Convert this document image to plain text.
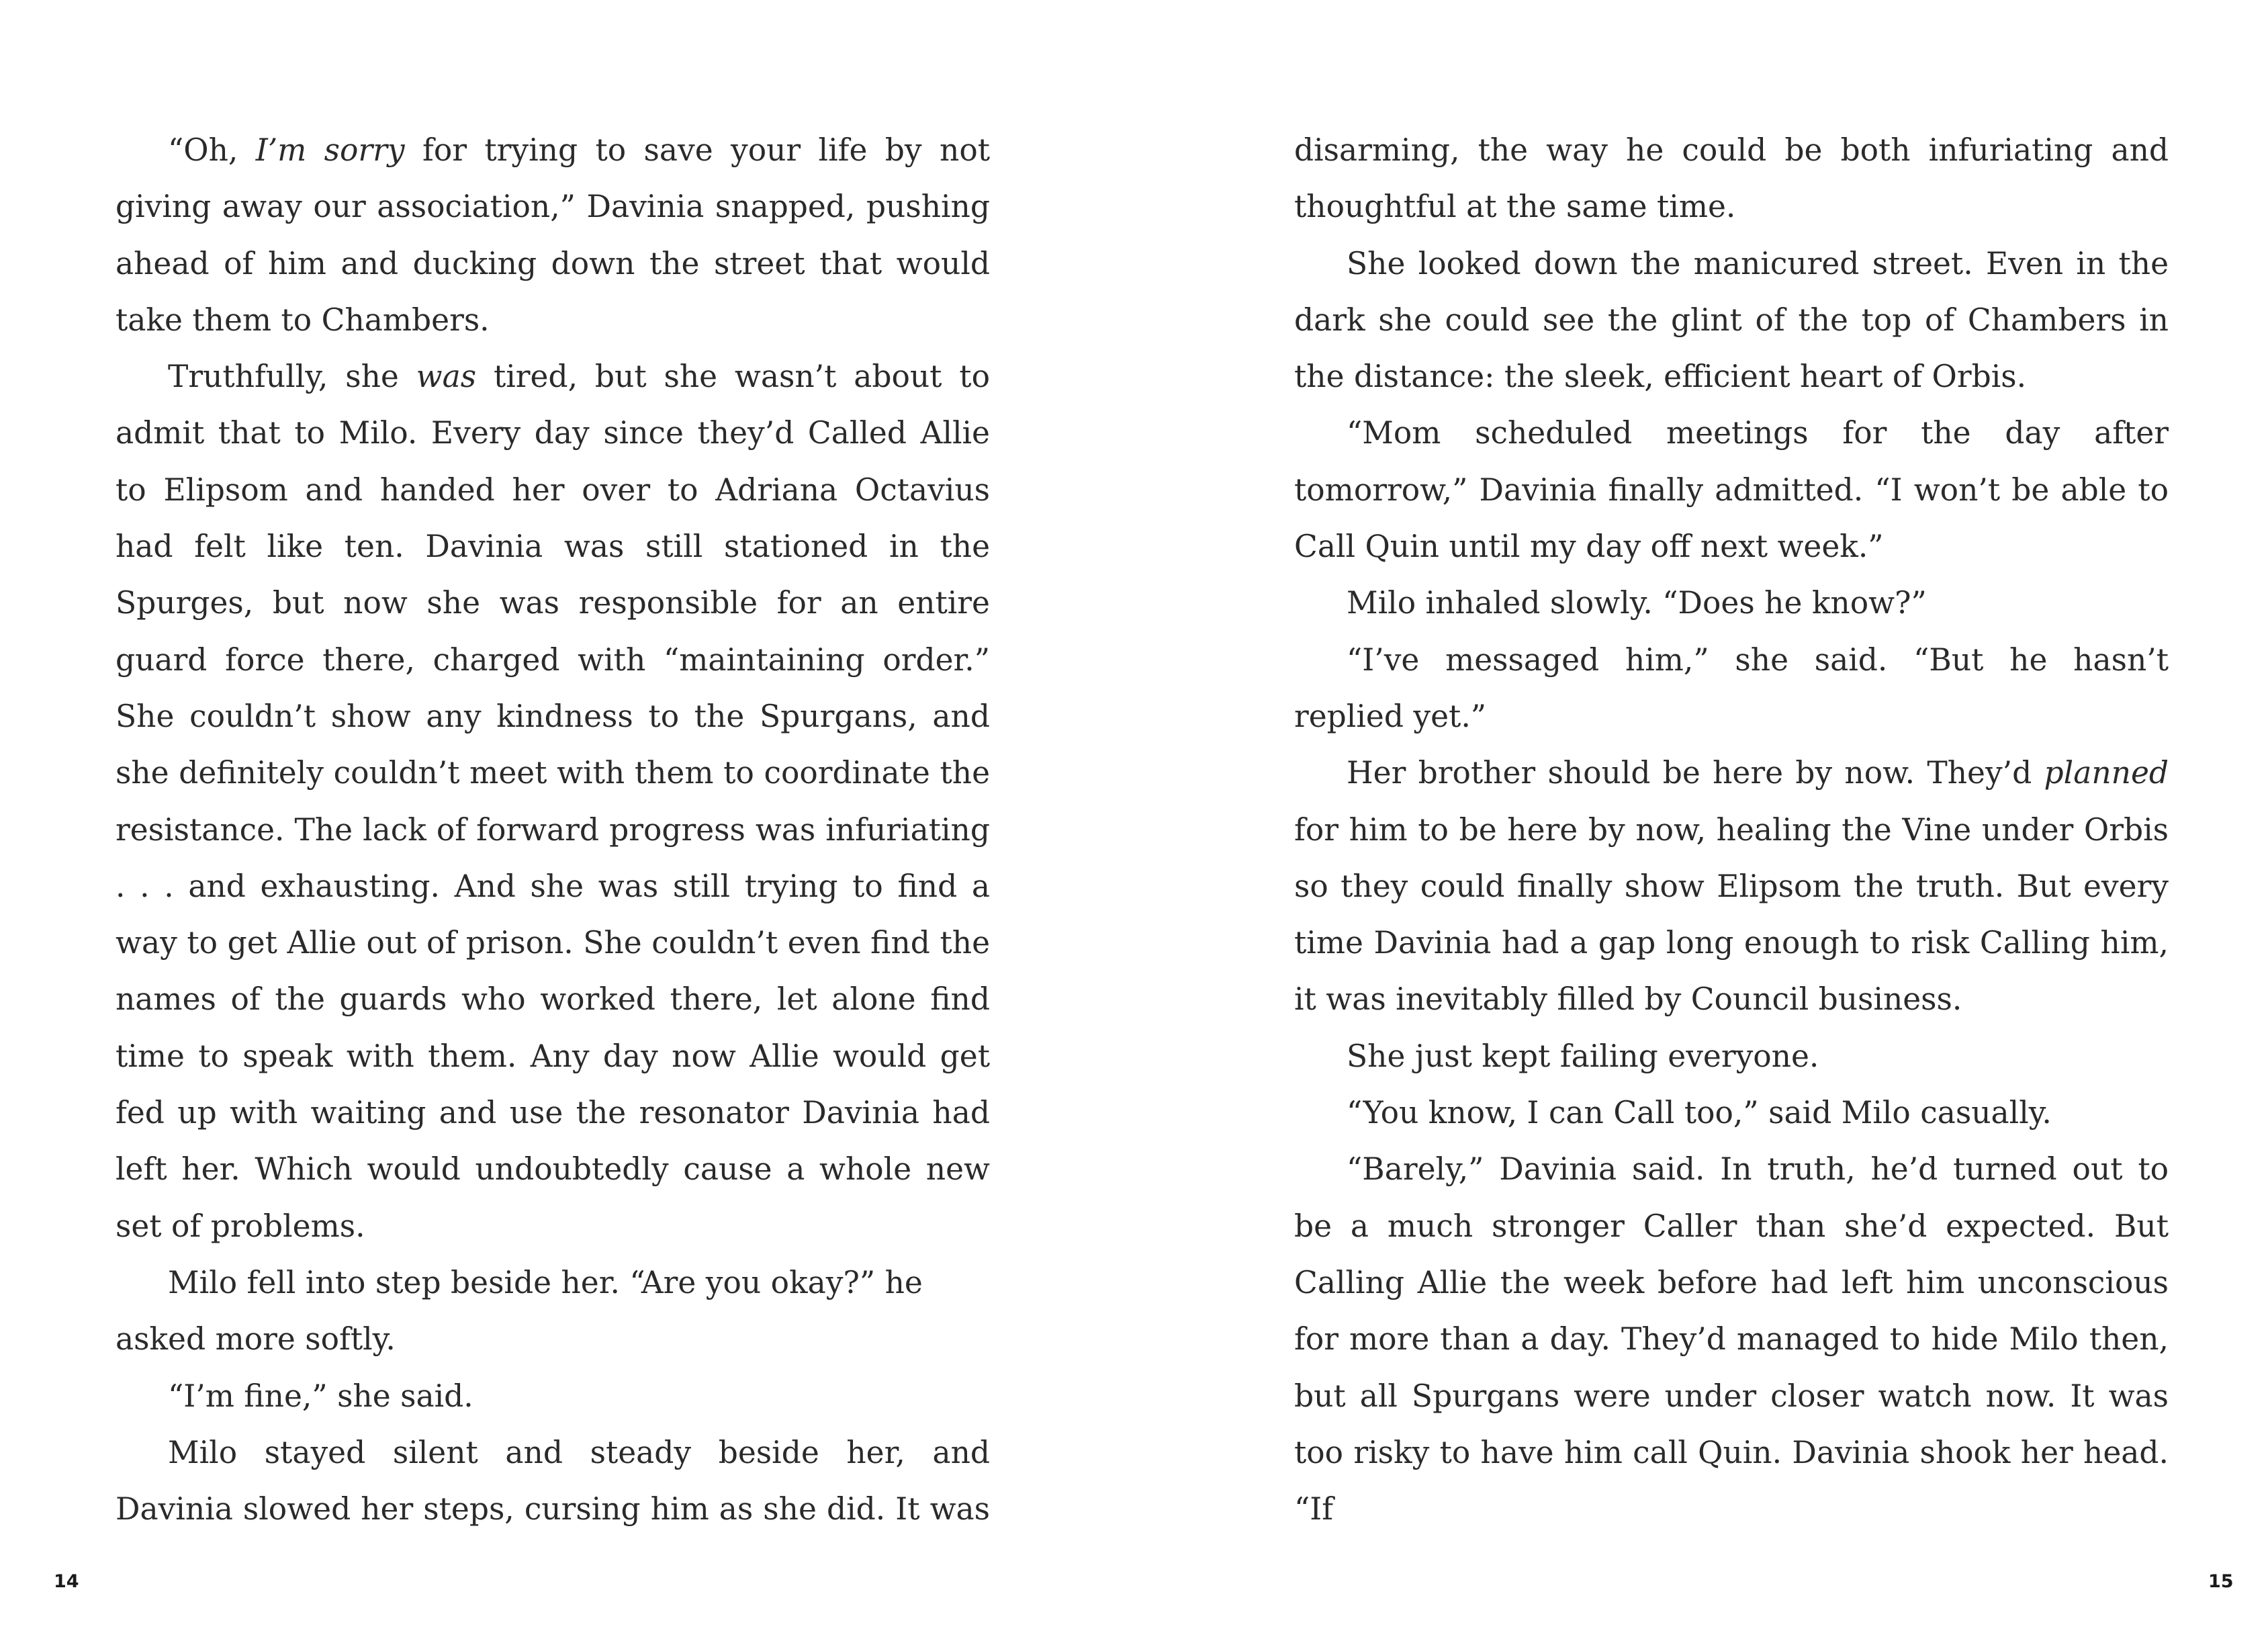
“Oh, I’m sorry for trying to save your life by not giving away our association,” Davinia snapped, pushing ahead of him and ducking down the street that would take them to Chambers.

Truthfully, she was tired, but she wasn’t about to admit that to Milo. Every day since they’d Called Allie to Elipsom and handed her over to Adriana Octavius had felt like ten. Davinia was still stationed in the Spurges, but now she was responsible for an entire guard force there, charged with “maintaining order.” She couldn’t show any kindness to the Spurgans, and she definitely couldn’t meet with them to coordinate the resistance. The lack of forward progress was infuriating . . . and exhausting. And she was still trying to find a way to get Allie out of prison. She couldn’t even find the names of the guards who worked there, let alone find time to speak with them. Any day now Allie would get fed up with waiting and use the resonator Davinia had left her. Which would undoubtedly cause a whole new set of problems.

Milo fell into step beside her. “Are you okay?” he asked more softly.

“I’m fine,” she said.

Milo stayed silent and steady beside her, and Davinia slowed her steps, cursing him as she did. It was

14

disarming, the way he could be both infuriating and thoughtful at the same time.

She looked down the manicured street. Even in the dark she could see the glint of the top of Chambers in the distance: the sleek, efficient heart of Orbis.

“Mom scheduled meetings for the day after tomorrow,” Davinia finally admitted. “I won’t be able to Call Quin until my day off next week.”

Milo inhaled slowly. “Does he know?”

“I’ve messaged him,” she said. “But he hasn’t replied yet.”

Her brother should be here by now. They’d planned for him to be here by now, healing the Vine under Orbis so they could finally show Elipsom the truth. But every time Davinia had a gap long enough to risk Calling him, it was inevitably filled by Council business.

She just kept failing everyone.

“You know, I can Call too,” said Milo casually.

“Barely,” Davinia said. In truth, he’d turned out to be a much stronger Caller than she’d expected. But Calling Allie the week before had left him unconscious for more than a day. They’d managed to hide Milo then, but all Spurgans were under closer watch now. It was too risky to have him call Quin. Davinia shook her head. “If

15
